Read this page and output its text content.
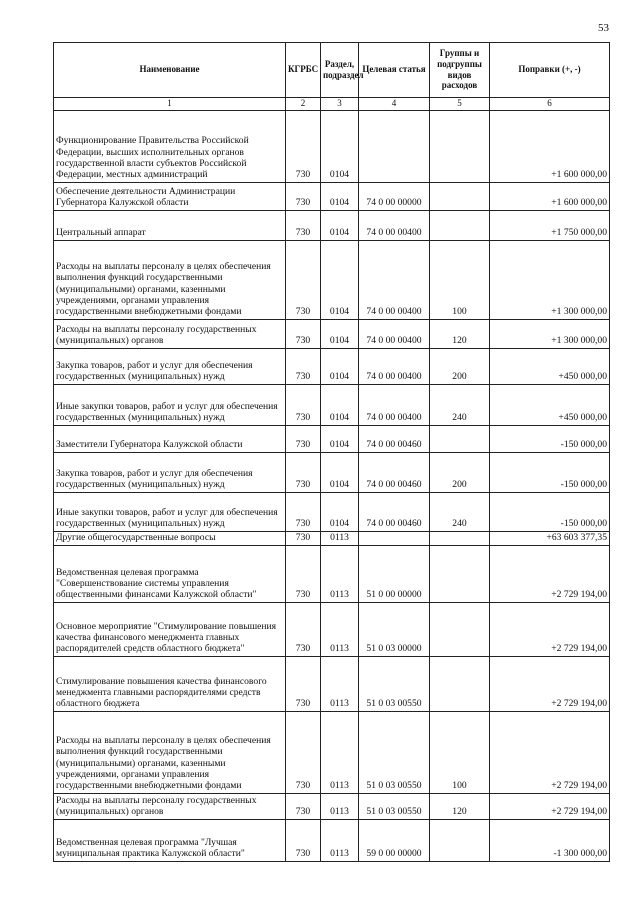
53
Наименование	КГРБС	Раздел, подраздел	Целевая статья	Группы и подгруппы видов расходов	Поправки (+, -)
1	2	3	4	5	6
Функционирование Правительства Российской Федерации, высших исполнительных органов государственной власти субъектов Российской Федерации, местных администраций	730	0104			+1 600 000,00
Обеспечение деятельности Администрации Губернатора Калужской области	730	0104	74 0 00 00000		+1 600 000,00
Центральный аппарат	730	0104	74 0 00 00400		+1 750 000,00
Расходы на выплаты персоналу в целях обеспечения выполнения функций государственными (муниципальными) органами, казенными учреждениями, органами управления государственными внебюджетными фондами	730	0104	74 0 00 00400	100	+1 300 000,00
Расходы на выплаты персоналу государственных (муниципальных) органов	730	0104	74 0 00 00400	120	+1 300 000,00
Закупка товаров, работ и услуг для обеспечения государственных (муниципальных) нужд	730	0104	74 0 00 00400	200	+450 000,00
Иные закупки товаров, работ и услуг для обеспечения государственных (муниципальных) нужд	730	0104	74 0 00 00400	240	+450 000,00
Заместители Губернатора Калужской области	730	0104	74 0 00 00460		-150 000,00
Закупка товаров, работ и услуг для обеспечения государственных (муниципальных) нужд	730	0104	74 0 00 00460	200	-150 000,00
Иные закупки товаров, работ и услуг для обеспечения государственных (муниципальных) нужд	730	0104	74 0 00 00460	240	-150 000,00
Другие общегосударственные вопросы	730	0113			+63 603 377,35
Ведомственная целевая программа "Совершенствование системы управления общественными финансами Калужской области"	730	0113	51 0 00 00000		+2 729 194,00
Основное мероприятие "Стимулирование повышения качества финансового менеджмента главных распорядителей средств областного бюджета"	730	0113	51 0 03 00000		+2 729 194,00
Стимулирование повышения качества финансового менеджмента главными распорядителями средств областного бюджета	730	0113	51 0 03 00550		+2 729 194,00
Расходы на выплаты персоналу в целях обеспечения выполнения функций государственными (муниципальными) органами, казенными учреждениями, органами управления государственными внебюджетными фондами	730	0113	51 0 03 00550	100	+2 729 194,00
Расходы на выплаты персоналу государственных (муниципальных) органов	730	0113	51 0 03 00550	120	+2 729 194,00
Ведомственная целевая программа "Лучшая муниципальная практика Калужской области"	730	0113	59 0 00 00000		-1 300 000,00
